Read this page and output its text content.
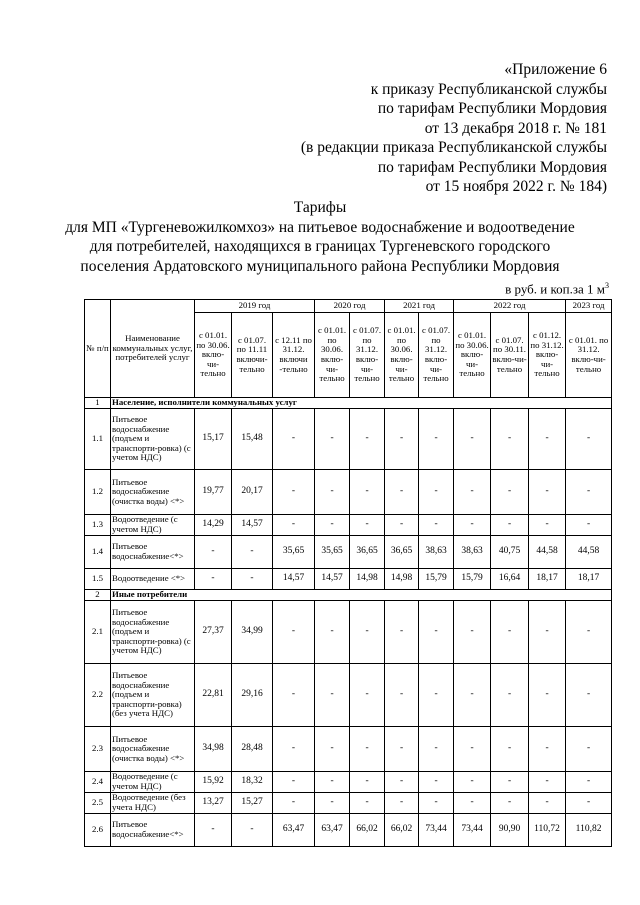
«Приложение 6
к приказу Республиканской службы
по тарифам Республики Мордовия
от 13 декабря 2018 г. № 181
(в редакции приказа Республиканской службы
по тарифам Республики Мордовия
от 15 ноября 2022 г. № 184)
Тарифы
для МП «Тургеневожилкомхоз» на питьевое водоснабжение и водоотведение
для потребителей, находящихся в границах Тургеневского городского
поселения Ардатовского муниципального района Республики Мордовия
в руб. и коп.за 1 $м^3$
№ п/п	Наименование коммунальных услуг, потребителей услуг	2019 год			2020 год		2021 год		2022 год			2023 год
		с 01.01. по 30.06. вклю-чи-тельно	с 01.07. по 11.11 включи-тельно	с 12.11 по 31.12. включи -тельно	с 01.01. по 30.06. вклю-чи-тельно	с 01.07. по 31.12. вклю-чи-тельно	с 01.01. по 30.06. вклю-чи-тельно	с 01.07. по 31.12. вклю-чи-тельно	с 01.01. по 30.06. вклю-чи-тельно	с 01.07. по 30.11. вклю-чи-тельно	с 01.12. по 31.12. вклю-чи-тельно	с 01.01. по 31.12. вклю-чи-тельно
1	Население, исполнители коммунальных услуг											
1.1	Питьевое водоснабжение (подъем и транспорти-ровка) (с учетом НДС)	15,17	15,48	-	-	-	-	-	-	-	-	-
1.2	Питьевое водоснабжение (очистка воды) <*>	19,77	20,17	-	-	-	-	-	-	-	-	-
1.3	Водоотведение (с учетом НДС)	14,29	14,57	-	-	-	-	-	-	-	-	-
1.4	Питьевое водоснабжение<*>	-	-	35,65	35,65	36,65	36,65	38,63	38,63	40,75	44,58	44,58
1.5	Водоотведение <*>	-	-	14,57	14,57	14,98	14,98	15,79	15,79	16,64	18,17	18,17
2	Иные потребители											
2.1	Питьевое водоснабжение (подъем и транспорти-ровка) (с учетом НДС)	27,37	34,99	-	-	-	-	-	-	-	-	-
2.2	Питьевое водоснабжение (подъем и транспорти-ровка) (без учета НДС)	22,81	29,16	-	-	-	-	-	-	-	-	-
2.3	Питьевое водоснабжение (очистка воды) <*>	34,98	28,48	-	-	-	-	-	-	-	-	-
2.4	Водоотведение (с учетом НДС)	15,92	18,32	-	-	-	-	-	-	-	-	-
2.5	Водоотведение (без учета НДС)	13,27	15,27	-	-	-	-	-	-	-	-	-
2.6	Питьевое водоснабжение<*>	-	-	63,47	63,47	66,02	66,02	73,44	73,44	90,90	110,72	110,82
